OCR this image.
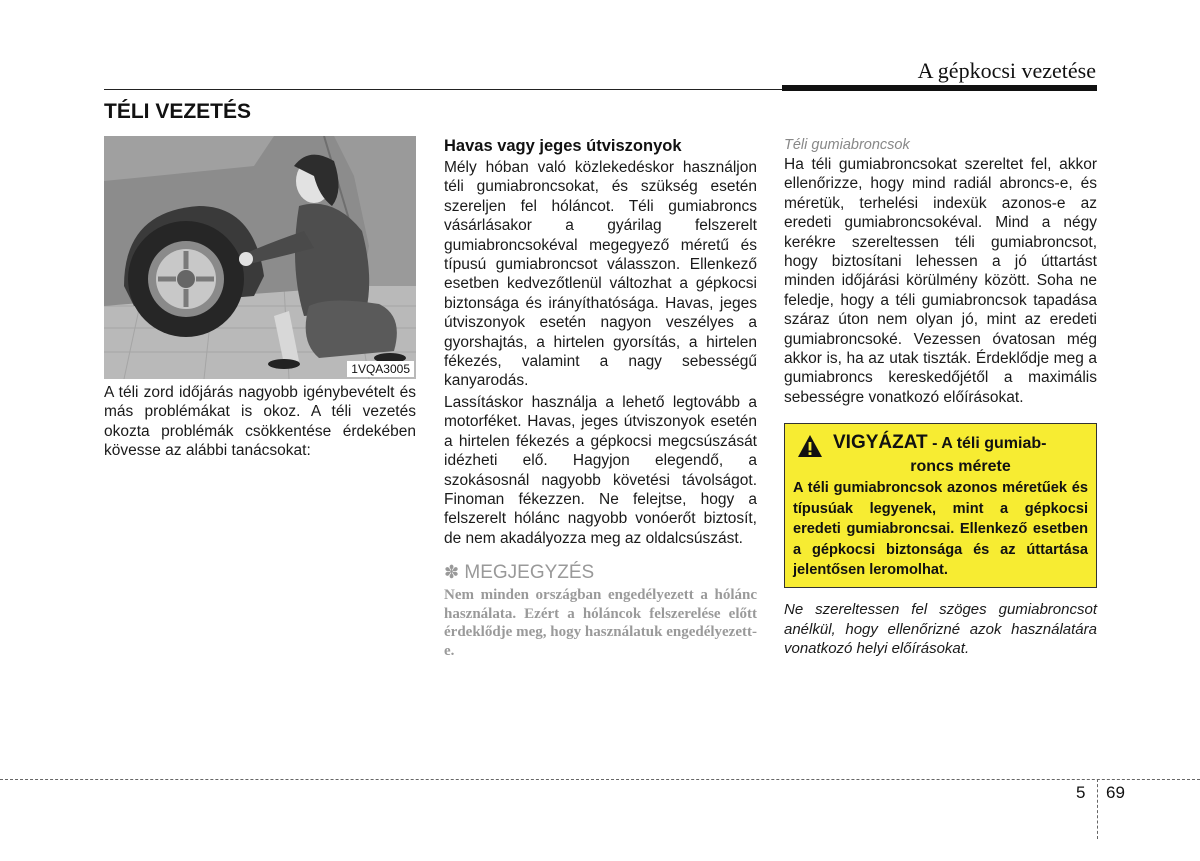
A gépkocsi vezetése
TÉLI VEZETÉS
1VQA3005

A téli zord időjárás nagyobb igénybevételt és más problémákat is okoz. A téli vezetés okozta problémák csökkentése érdekében kövesse az alábbi tanácsokat:

Havas vagy jeges útviszonyok

Mély hóban való közlekedéskor használjon téli gumiabroncsokat, és szükség esetén szereljen fel hóláncot. Téli gumiabroncs vásárlásakor a gyárilag felszerelt gumiabroncsokéval megegyező méretű és típusú gumiabroncsot válasszon. Ellenkező esetben kedvezőtlenül változhat a gépkocsi biztonsága és irányíthatósága. Havas, jeges útviszonyok esetén nagyon veszélyes a gyorshajtás, a hirtelen gyorsítás, a hirtelen fékezés, valamint a nagy sebességű kanyarodás.

Lassításkor használja a lehető legtovább a motorféket. Havas, jeges útviszonyok esetén a hirtelen fékezés a gépkocsi megcsúszását idézheti elő. Hagyjon elegendő, a szokásosnál nagyobb követési távolságot. Finoman fékezzen. Ne felejtse, hogy a felszerelt hólánc nagyobb vonóerőt biztosít, de nem akadályozza meg az oldalcsúszást.

✽ MEGJEGYZÉS

Nem minden országban engedélyezett a hólánc használata. Ezért a hóláncok felszerelése előtt érdeklődje meg, hogy használatuk engedélyezett-e.

Téli gumiabroncsok

Ha téli gumiabroncsokat szereltet fel, akkor ellenőrizze, hogy mind radiál abroncs-e, és méretük, terhelési indexük azonos-e az eredeti gumiabroncsokéval. Mind a négy kerékre szereltessen téli gumiabroncsot, hogy biztosítani lehessen a jó úttartást minden időjárási körülmény között. Soha ne feledje, hogy a téli gumiabroncsok tapadása száraz úton nem olyan jó, mint az eredeti gumiabroncsoké. Vezessen óvatosan még akkor is, ha az utak tiszták. Érdeklődje meg a gumiabroncs kereskedőjétől a maximális sebességre vonatkozó előírásokat.

VIGYÁZAT - A téli gumiab-
roncs mérete
A téli gumiabroncsok azonos méretűek és típusúak legyenek, mint a gépkocsi eredeti gumiabroncsai. Ellenkező esetben a gépkocsi biztonsága és az úttartása jelentősen leromolhat.

Ne szereltessen fel szöges gumiabroncsot anélkül, hogy ellenőrizné azok használatára vonatkozó helyi előírásokat.

5 69
